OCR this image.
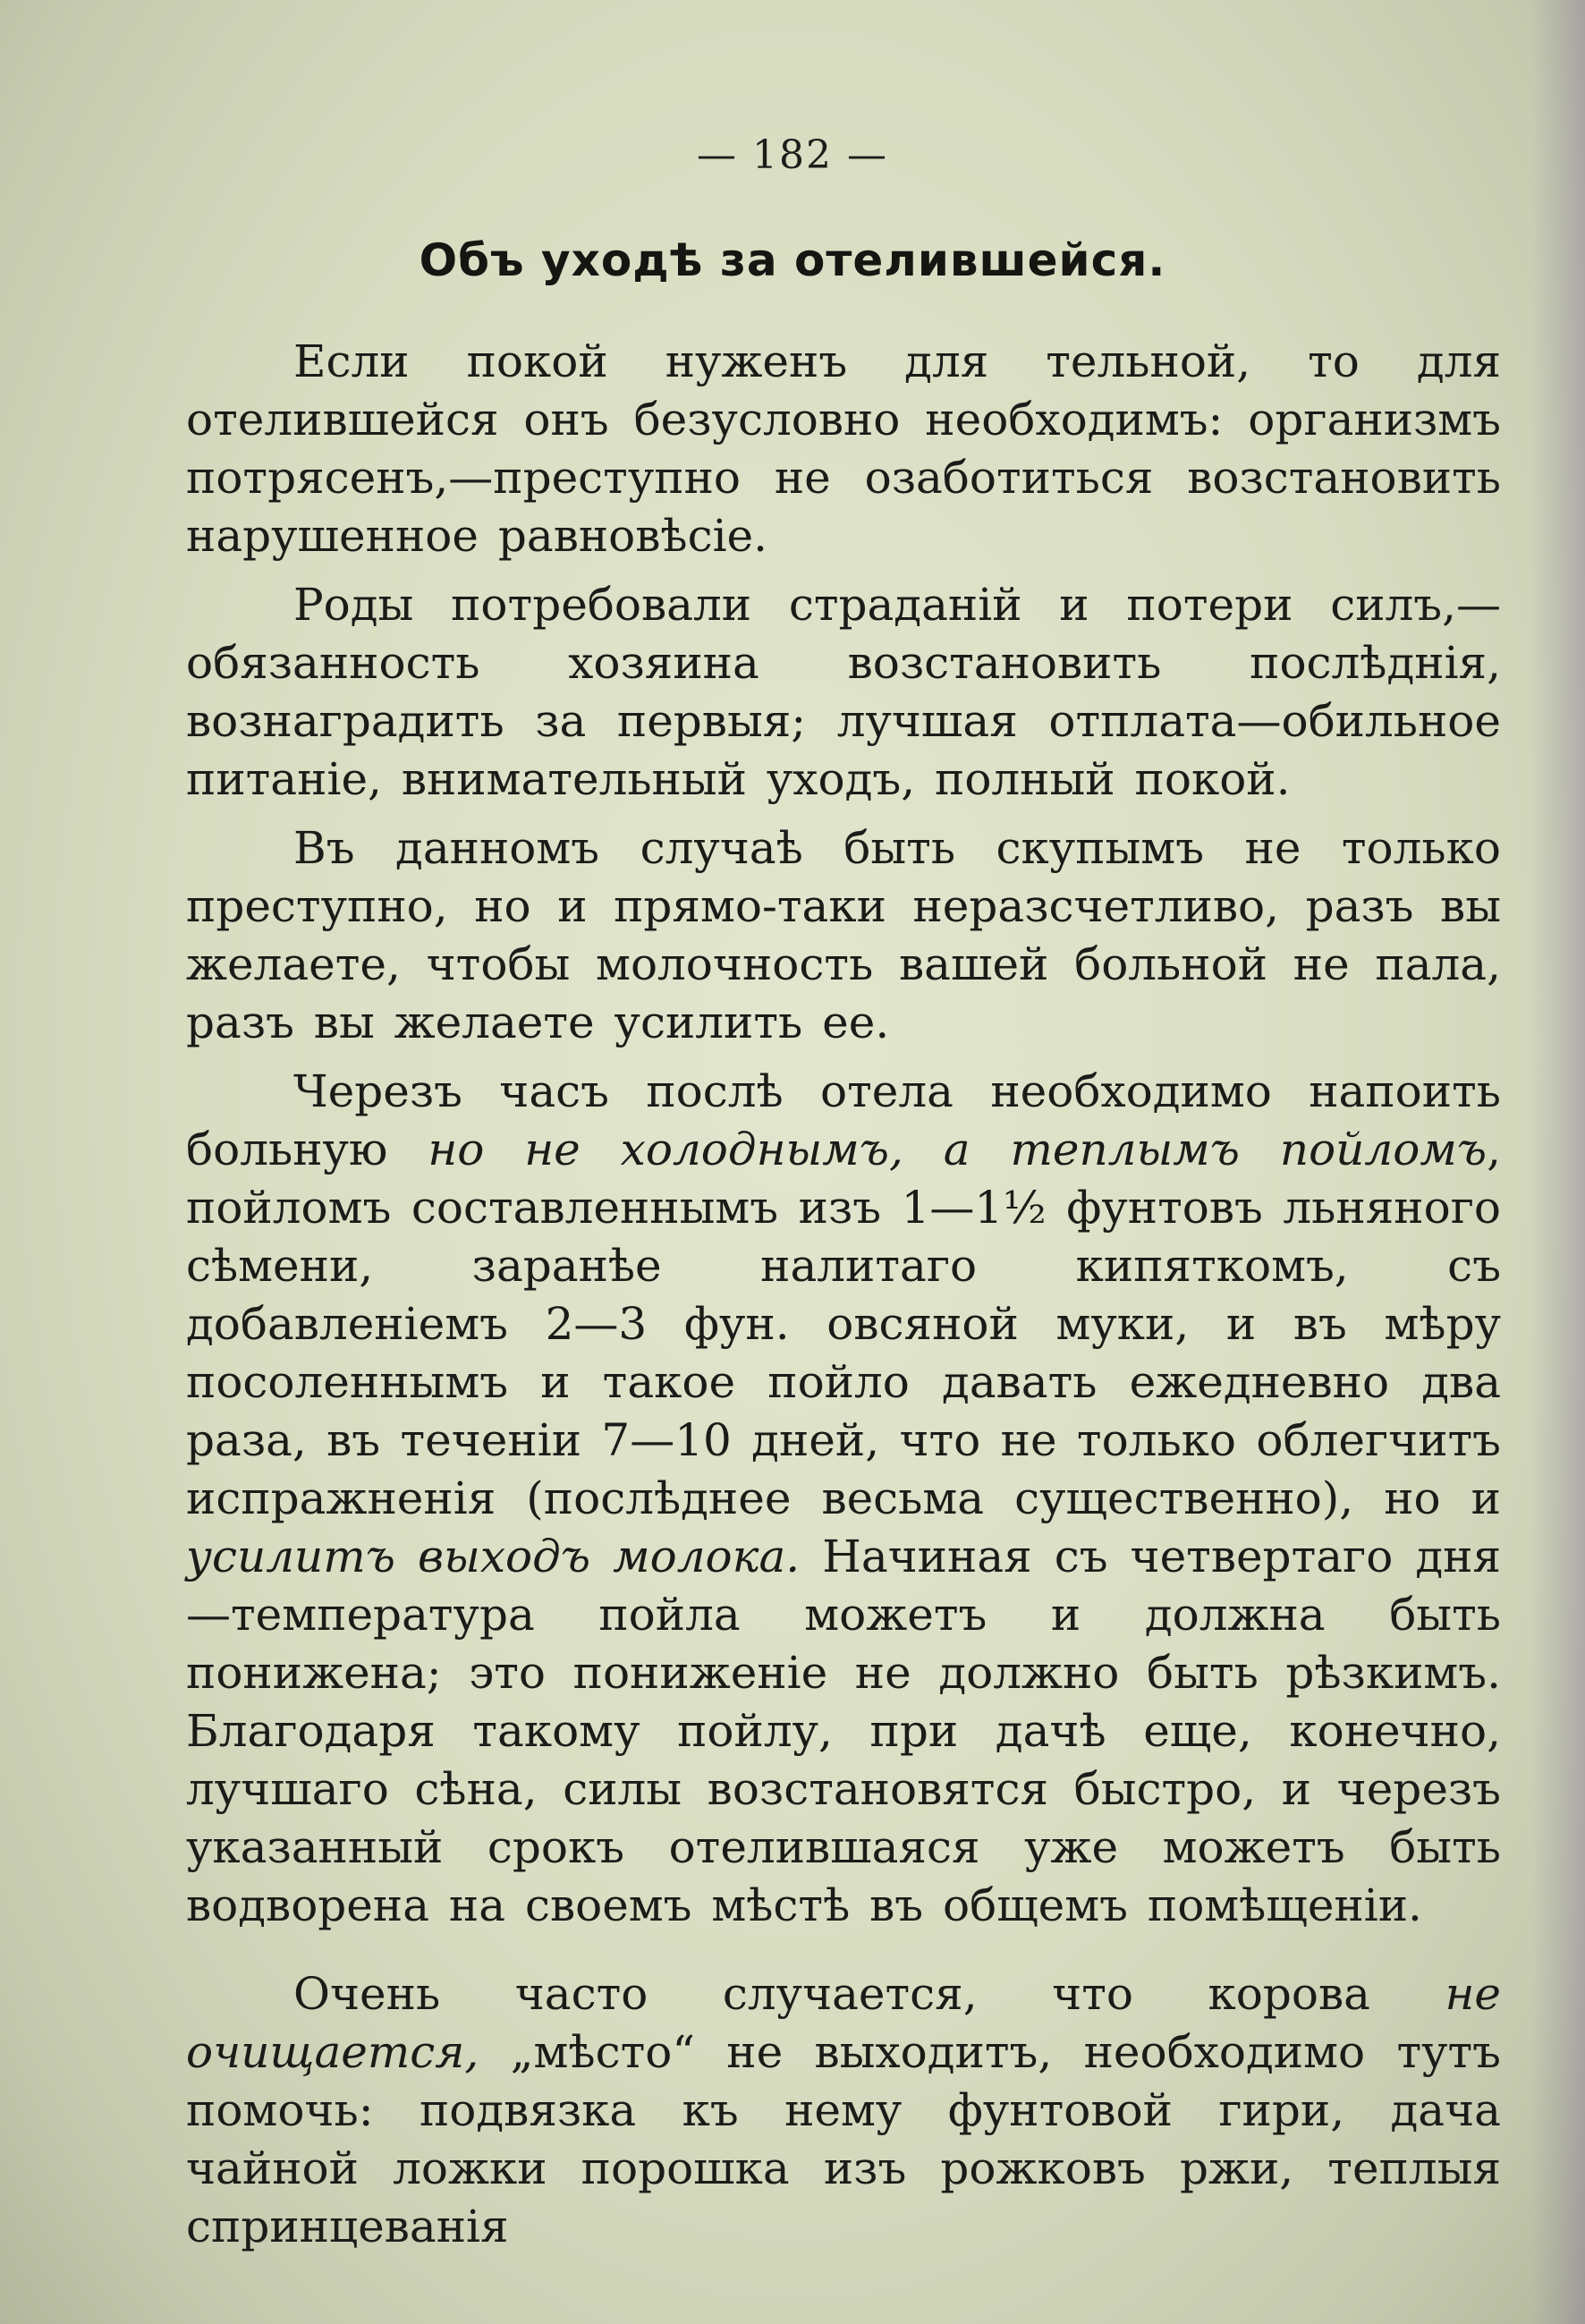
— 182 —
Объ уходѣ за отелившейся.

Если покой нуженъ для тельной, то для отелившейся онъ безусловно необходимъ: организмъ потрясенъ,—преступно не озаботиться возстановить нарушенное равновѣсіе.

Роды потребовали страданій и потери силъ,—обязанность хозяина возстановить послѣднія, вознаградить за первыя; лучшая отплата—обильное питаніе, внимательный уходъ, полный покой.

Въ данномъ случаѣ быть скупымъ не только преступно, но и прямо-таки неразсчетливо, разъ вы желаете, чтобы молочность вашей больной не пала, разъ вы желаете усилить ее.

Черезъ часъ послѣ отела необходимо напоить больную но не холоднымъ, а теплымъ пойломъ, пойломъ составленнымъ изъ 1—1½ фунтовъ льняного сѣмени, заранѣе налитаго кипяткомъ, съ добавленіемъ 2—3 фун. овсяной муки, и въ мѣру посоленнымъ и такое пойло давать ежедневно два раза, въ теченіи 7—10 дней, что не только облегчитъ испражненія (послѣднее весьма существенно), но и усилитъ выходъ молока. Начиная съ четвертаго дня—температура пойла можетъ и должна быть понижена; это пониженіе не должно быть рѣзкимъ. Благодаря такому пойлу, при дачѣ еще, конечно, лучшаго сѣна, силы возстановятся быстро, и черезъ указанный срокъ отелившаяся уже можетъ быть водворена на своемъ мѣстѣ въ общемъ помѣщеніи.

Очень часто случается, что корова не очищается, „мѣсто“ не выходитъ, необходимо тутъ помочь: подвязка къ нему фунтовой гири, дача чайной ложки порошка изъ рожковъ ржи, теплыя спринцеванія
